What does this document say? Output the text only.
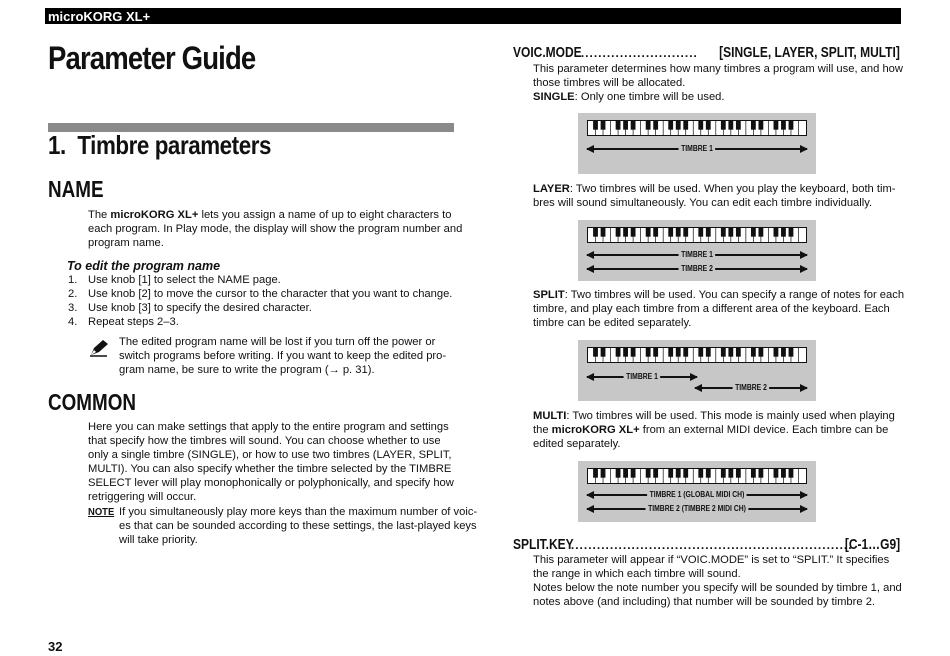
microKORG XL+
Parameter Guide
1. Timbre parameters
NAME
The microKORG XL+ lets you assign a name of up to eight characters to
each program. In Play mode, the display will show the program number and
program name.
To edit the program name
1. Use knob [1] to select the NAME page.
2. Use knob [2] to move the cursor to the character that you want to change.
3. Use knob [3] to specify the desired character.
4. Repeat steps 2–3.
The edited program name will be lost if you turn off the power or
switch programs before writing. If you want to keep the edited pro-
gram name, be sure to write the program (→ p. 31).
COMMON
Here you can make settings that apply to the entire program and settings
that specify how the timbres will sound. You can choose whether to use
only a single timbre (SINGLE), or how to use two timbres (LAYER, SPLIT,
MULTI). You can also specify whether the timbre selected by the TIMBRE
SELECT lever will play monophonically or polyphonically, and specify how
retriggering will occur.
NOTE If you simultaneously play more keys than the maximum number of voic-
es that can be sounded according to these settings, the last-played keys
will take priority.
VOIC.MODE .....	[SINGLE, LAYER, SPLIT, MULTI]
This parameter determines how many timbres a program will use, and how
those timbres will be allocated.
SINGLE: Only one timbre will be used.
TIMBRE 1
LAYER: Two timbres will be used. When you play the keyboard, both tim-
bres will sound simultaneously. You can edit each timbre individually.
TIMBRE 1
TIMBRE 2
SPLIT: Two timbres will be used. You can specify a range of notes for each
timbre, and play each timbre from a different area of the keyboard. Each
timbre can be edited separately.
TIMBRE 1
TIMBRE 2
MULTI: Two timbres will be used. This mode is mainly used when playing
the microKORG XL+ from an external MIDI device. Each timbre can be
edited separately.
TIMBRE 1 (GLOBAL MIDI CH)
TIMBRE 2 (TIMBRE 2 MIDI CH)
SPLIT.KEY .....	[C-1…G9]
This parameter will appear if “VOIC.MODE” is set to “SPLIT.” It specifies
the range in which each timbre will sound.
Notes below the note number you specify will be sounded by timbre 1, and
notes above (and including) that number will be sounded by timbre 2.
32
